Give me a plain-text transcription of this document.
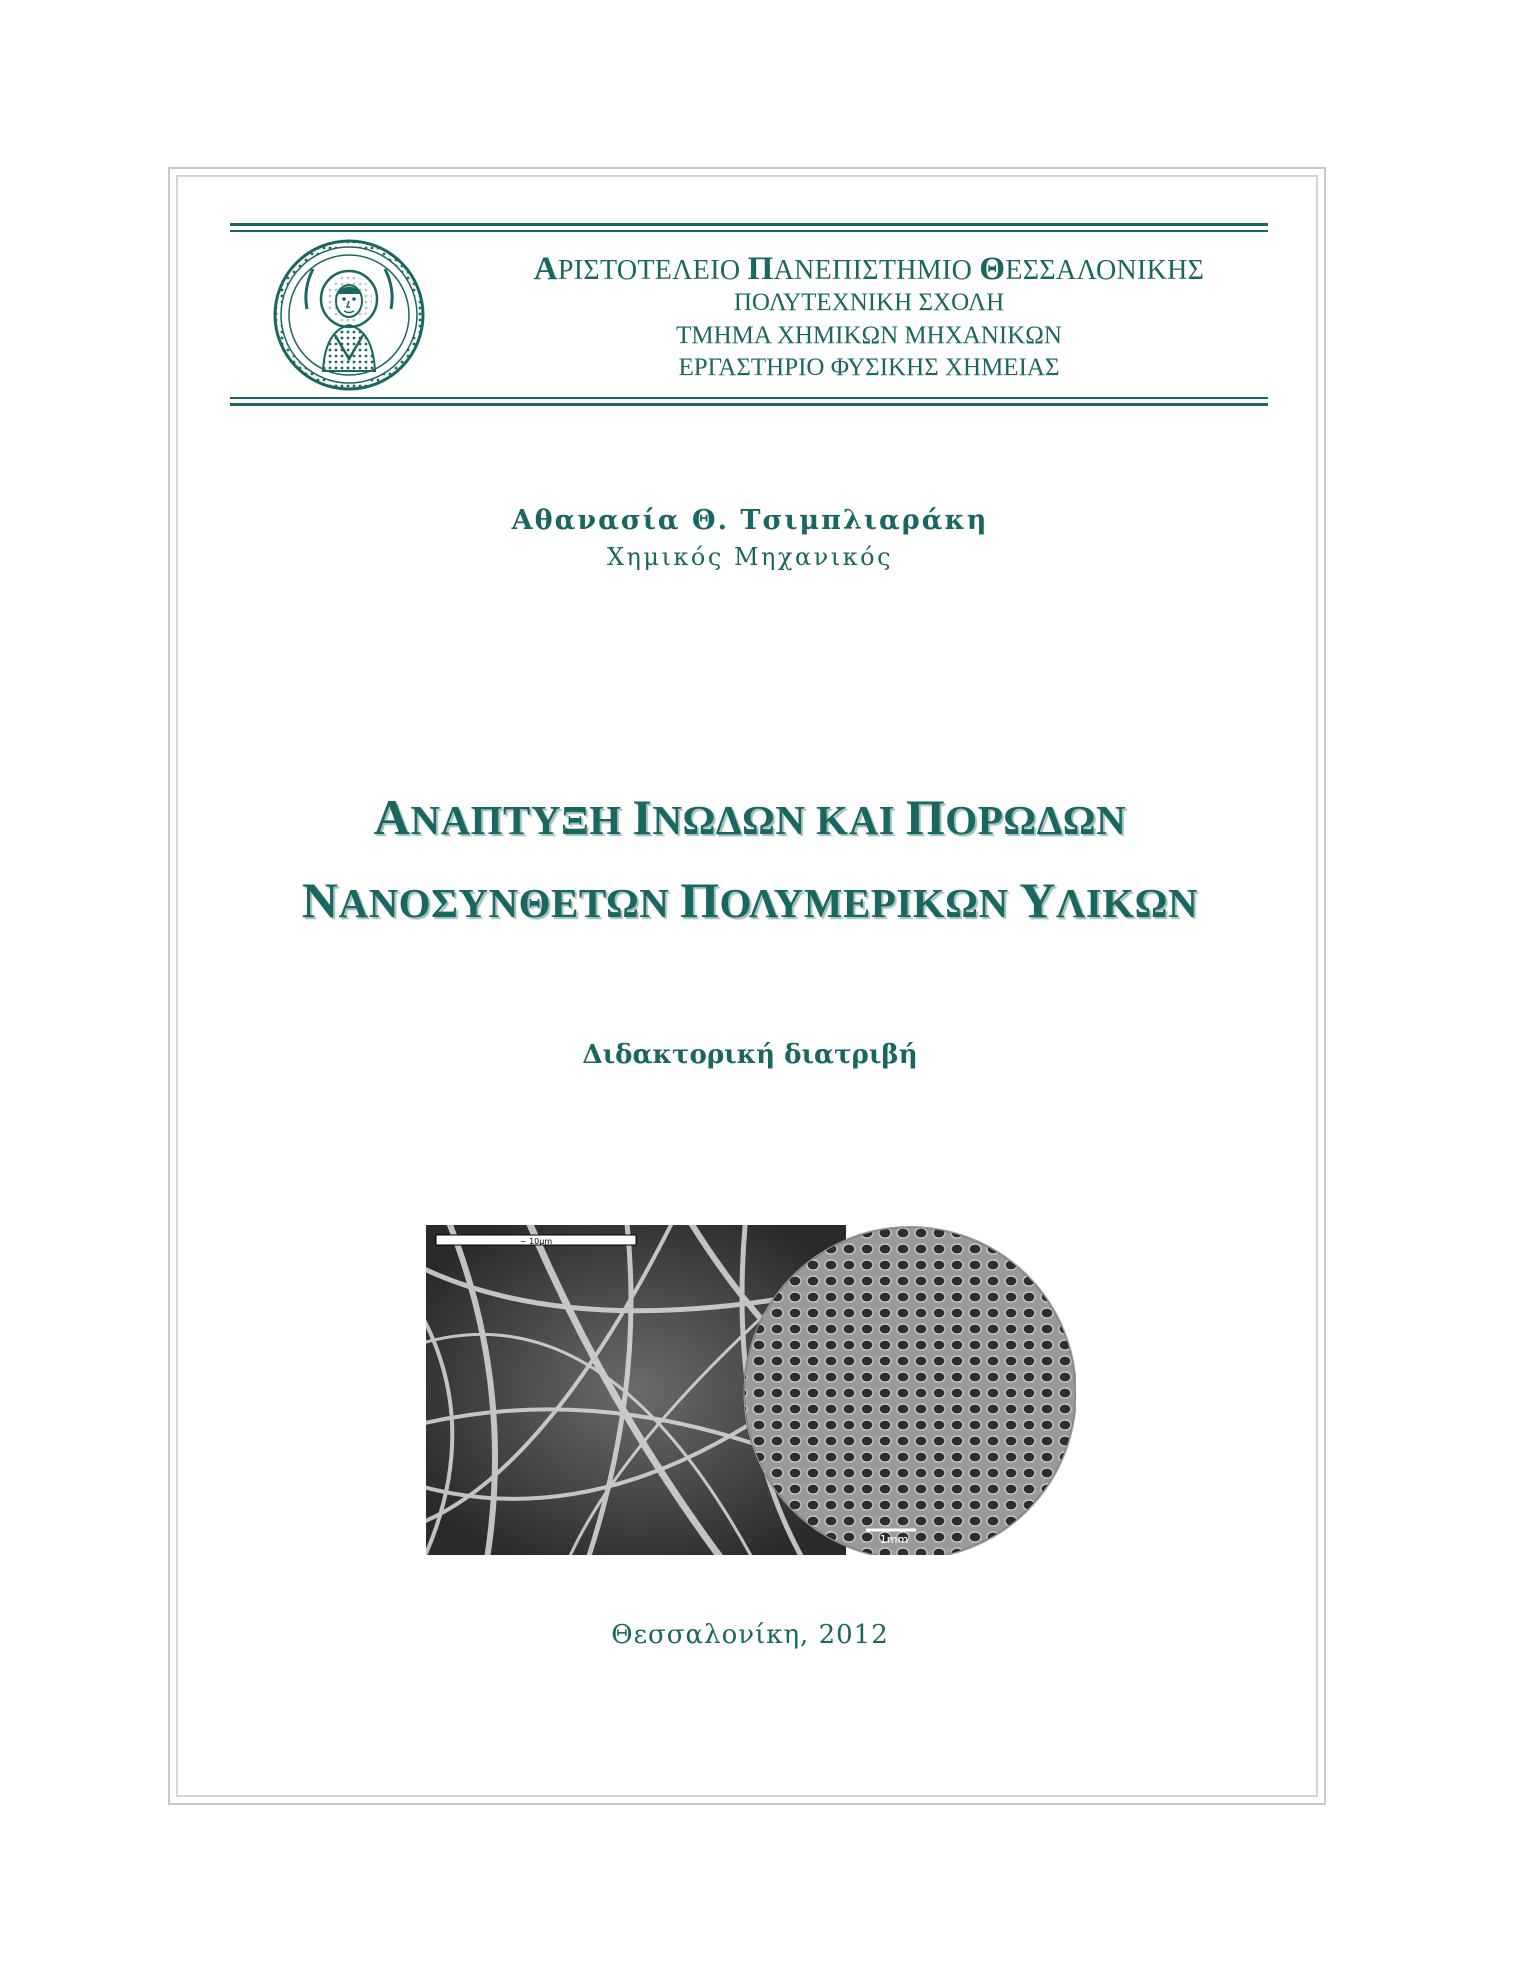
ΑΡΙΣΤΟΤΕΛΕΙΟ ΠΑΝΕΠΙΣΤΗΜΙΟ ΘΕΣΣΑΛΟΝΙΚΗΣ
ΠΟΛΥΤΕΧΝΙΚΗ ΣΧΟΛΗ
ΤΜΗΜΑ ΧΗΜΙΚΩΝ ΜΗΧΑΝΙΚΩΝ
ΕΡΓΑΣΤΗΡΙΟ ΦΥΣΙΚΗΣ ΧΗΜΕΙΑΣ
Αθανασία Θ. Τσιμπλιαράκη
Χημικός Μηχανικός
ΑΝΑΠΤΥΞΗ ΙΝΩΔΩΝ ΚΑΙ ΠΟΡΩΔΩΝ
ΝΑΝΟΣΥΝΘΕΤΩΝ ΠΟΛΥΜΕΡΙΚΩΝ ΥΛΙΚΩΝ
Διδακτορική διατριβή
~ 10μm
1mm
Θεσσαλονίκη, 2012
